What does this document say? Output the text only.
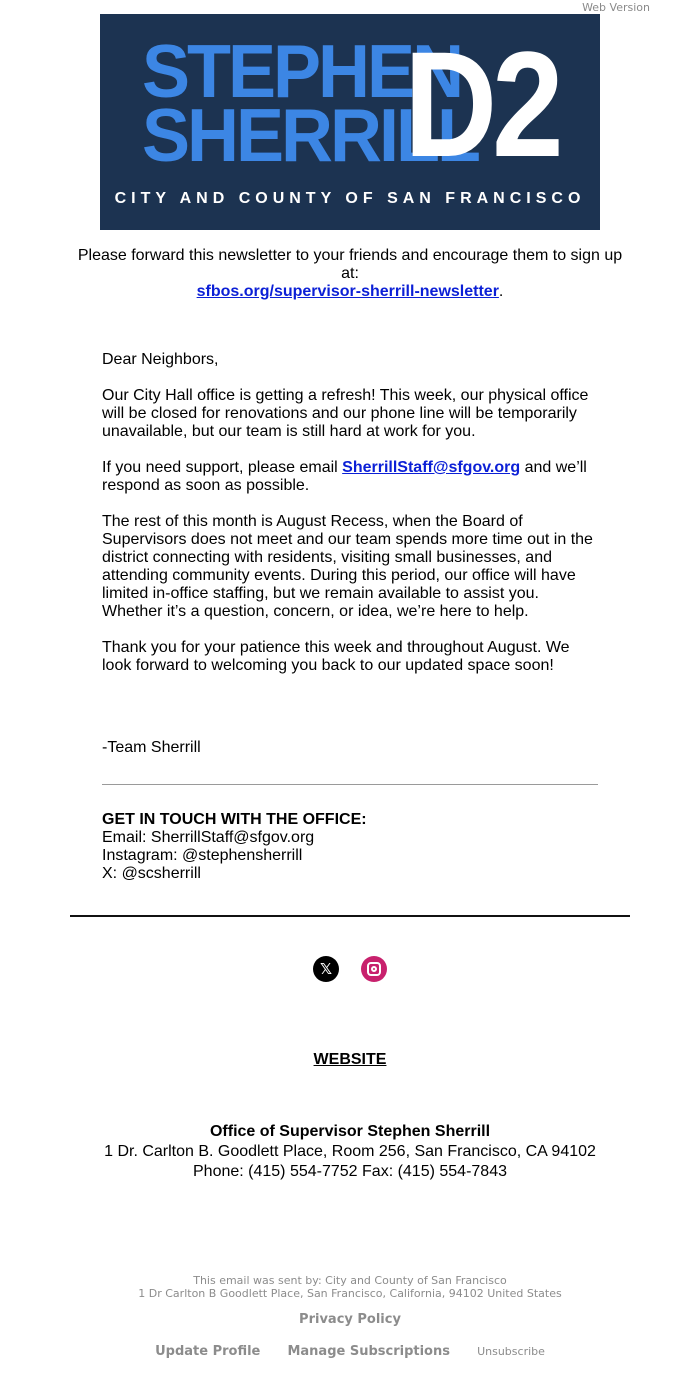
Web Version
STEPHEN
SHERRILL
D2
CITY AND COUNTY OF SAN FRANCISCO
Please forward this newsletter to your friends and encourage them to sign up at:
sfbos.org/supervisor-sherrill-newsletter.

Dear Neighbors,

Our City Hall office is getting a refresh! This week, our physical office will be closed for renovations and our phone line will be temporarily unavailable, but our team is still hard at work for you.

If you need support, please email SherrillStaff@sfgov.org and we’ll respond as soon as possible.

The rest of this month is August Recess, when the Board of Supervisors does not meet and our team spends more time out in the district connecting with residents, visiting small businesses, and attending community events. During this period, our office will have limited in-office staffing, but we remain available to assist you. Whether it’s a question, concern, or idea, we’re here to help.

Thank you for your patience this week and throughout August. We look forward to welcoming you back to our updated space soon!

-Team Sherrill
GET IN TOUCH WITH THE OFFICE:
Email: SherrillStaff@sfgov.org
Instagram: @stephensherrill
X: @scsherrill
𝕏
WEBSITE
Office of Supervisor Stephen Sherrill
1 Dr. Carlton B. Goodlett Place, Room 256, San Francisco, CA 94102
Phone: (415) 554-7752 Fax: (415) 554-7843
This email was sent by: City and County of San Francisco
1 Dr Carlton B Goodlett Place, San Francisco, California, 94102 United States
Privacy Policy
Update Profile Manage Subscriptions Unsubscribe
